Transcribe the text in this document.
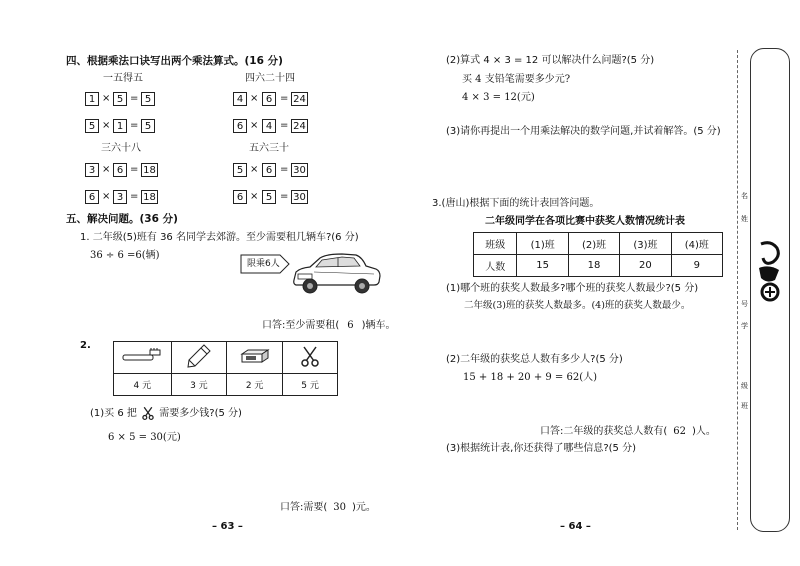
四、根据乘法口诀写出两个乘法算式。(16 分)
一五得五
1 × 5 = 5
5 × 1 = 5
四六二十四
4 × 6 = 24
6 × 4 = 24
三六十八
3 × 6 = 18
6 × 3 = 18
五六三十
5 × 6 = 30
6 × 5 = 30
五、解决问题。(36 分)
1. 二年级(5)班有 36 名同学去郊游。至少需要租几辆车?(6 分)
36 ÷ 6 =6(辆)
限乘6人
口答:至少需要租( 6 )辆车。
2.

4 元	3 元	2 元	5 元
(1)买 6 把 需要多少钱?(5 分)
6 × 5 = 30(元)
口答:需要( 30 )元。
– 63 –
(2)算式 4 × 3 = 12 可以解决什么问题?(5 分)
买 4 支铅笔需要多少元?
4 × 3 = 12(元)
(3)请你再提出一个用乘法解决的数学问题,并试着解答。(5 分)
3.(唐山)根据下面的统计表回答问题。
二年级同学在各项比赛中获奖人数情况统计表
班级	(1)班	(2)班	(3)班	(4)班
人数	15	18	20	9
(1)哪个班的获奖人数最多?哪个班的获奖人数最少?(5 分)
二年级(3)班的获奖人数最多。(4)班的获奖人数最少。
(2)二年级的获奖总人数有多少人?(5 分)
15 + 18 + 20 + 9 = 62(人)
口答:二年级的获奖总人数有( 62 )人。
(3)根据统计表,你还获得了哪些信息?(5 分)
– 64 –
名
姓
号
学
级
班
